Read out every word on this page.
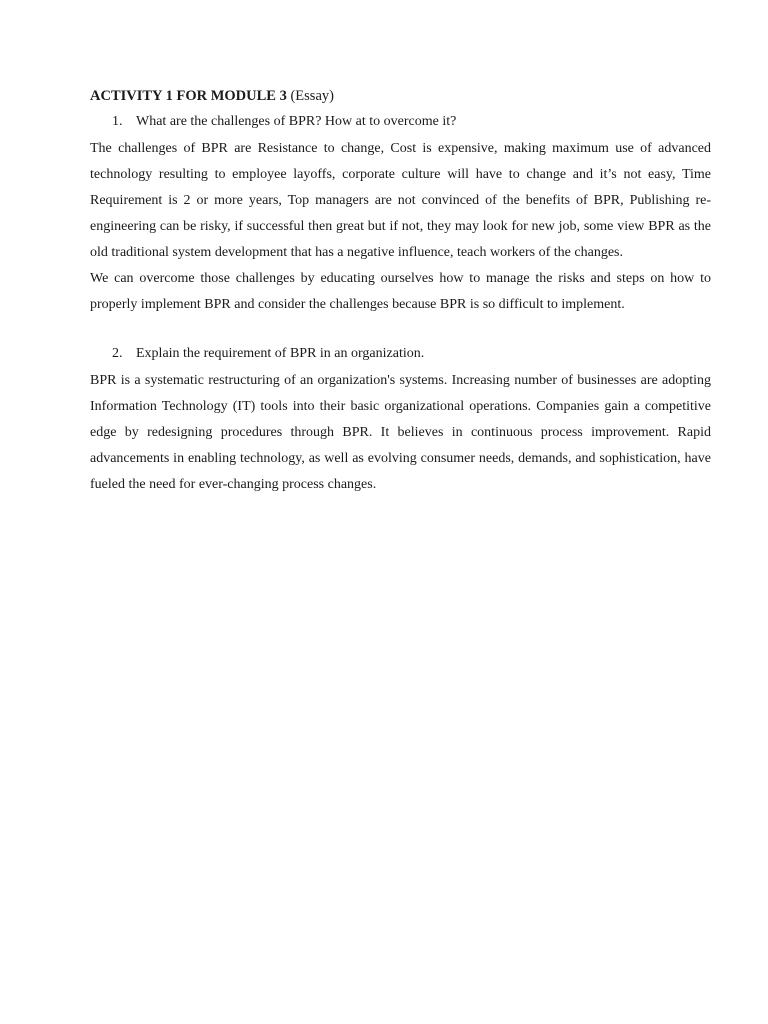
ACTIVITY 1 FOR MODULE 3 (Essay)

1. What are the challenges of BPR? How at to overcome it?

The challenges of BPR are Resistance to change, Cost is expensive, making maximum use of advanced technology resulting to employee layoffs, corporate culture will have to change and it’s not easy, Time Requirement is 2 or more years, Top managers are not convinced of the benefits of BPR, Publishing re-engineering can be risky, if successful then great but if not, they may look for new job, some view BPR as the old traditional system development that has a negative influence, teach workers of the changes.

We can overcome those challenges by educating ourselves how to manage the risks and steps on how to properly implement BPR and consider the challenges because BPR is so difficult to implement.

2. Explain the requirement of BPR in an organization.

BPR is a systematic restructuring of an organization's systems. Increasing number of businesses are adopting Information Technology (IT) tools into their basic organizational operations. Companies gain a competitive edge by redesigning procedures through BPR. It believes in continuous process improvement. Rapid advancements in enabling technology, as well as evolving consumer needs, demands, and sophistication, have fueled the need for ever-changing process changes.
